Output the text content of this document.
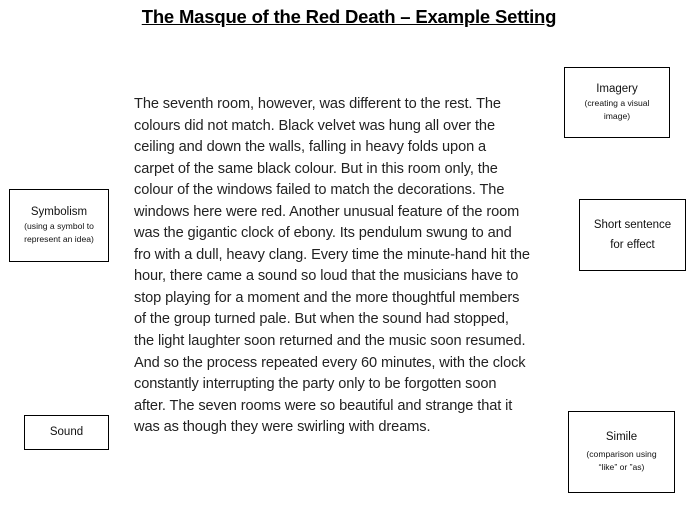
The Masque of the Red Death – Example Setting
The seventh room, however, was different to the rest. The
colours did not match. Black velvet was hung all over the
ceiling and down the walls, falling in heavy folds upon a
carpet of the same black colour. But in this room only, the
colour of the windows failed to match the decorations. The
windows here were red. Another unusual feature of the room
was the gigantic clock of ebony. Its pendulum swung to and
fro with a dull, heavy clang. Every time the minute-hand hit the
hour, there came a sound so loud that the musicians have to
stop playing for a moment and the more thoughtful members
of the group turned pale. But when the sound had stopped,
the light laughter soon returned and the music soon resumed.
And so the process repeated every 60 minutes, with the clock
constantly interrupting the party only to be forgotten soon
after. The seven rooms were so beautiful and strange that it
was as though they were swirling with dreams.
Imagery
(creating a visual
image)
Symbolism
(using a symbol to
represent an idea)
Short sentence
for effect
Sound	Simile
(comparison using
“like” or ”as)
